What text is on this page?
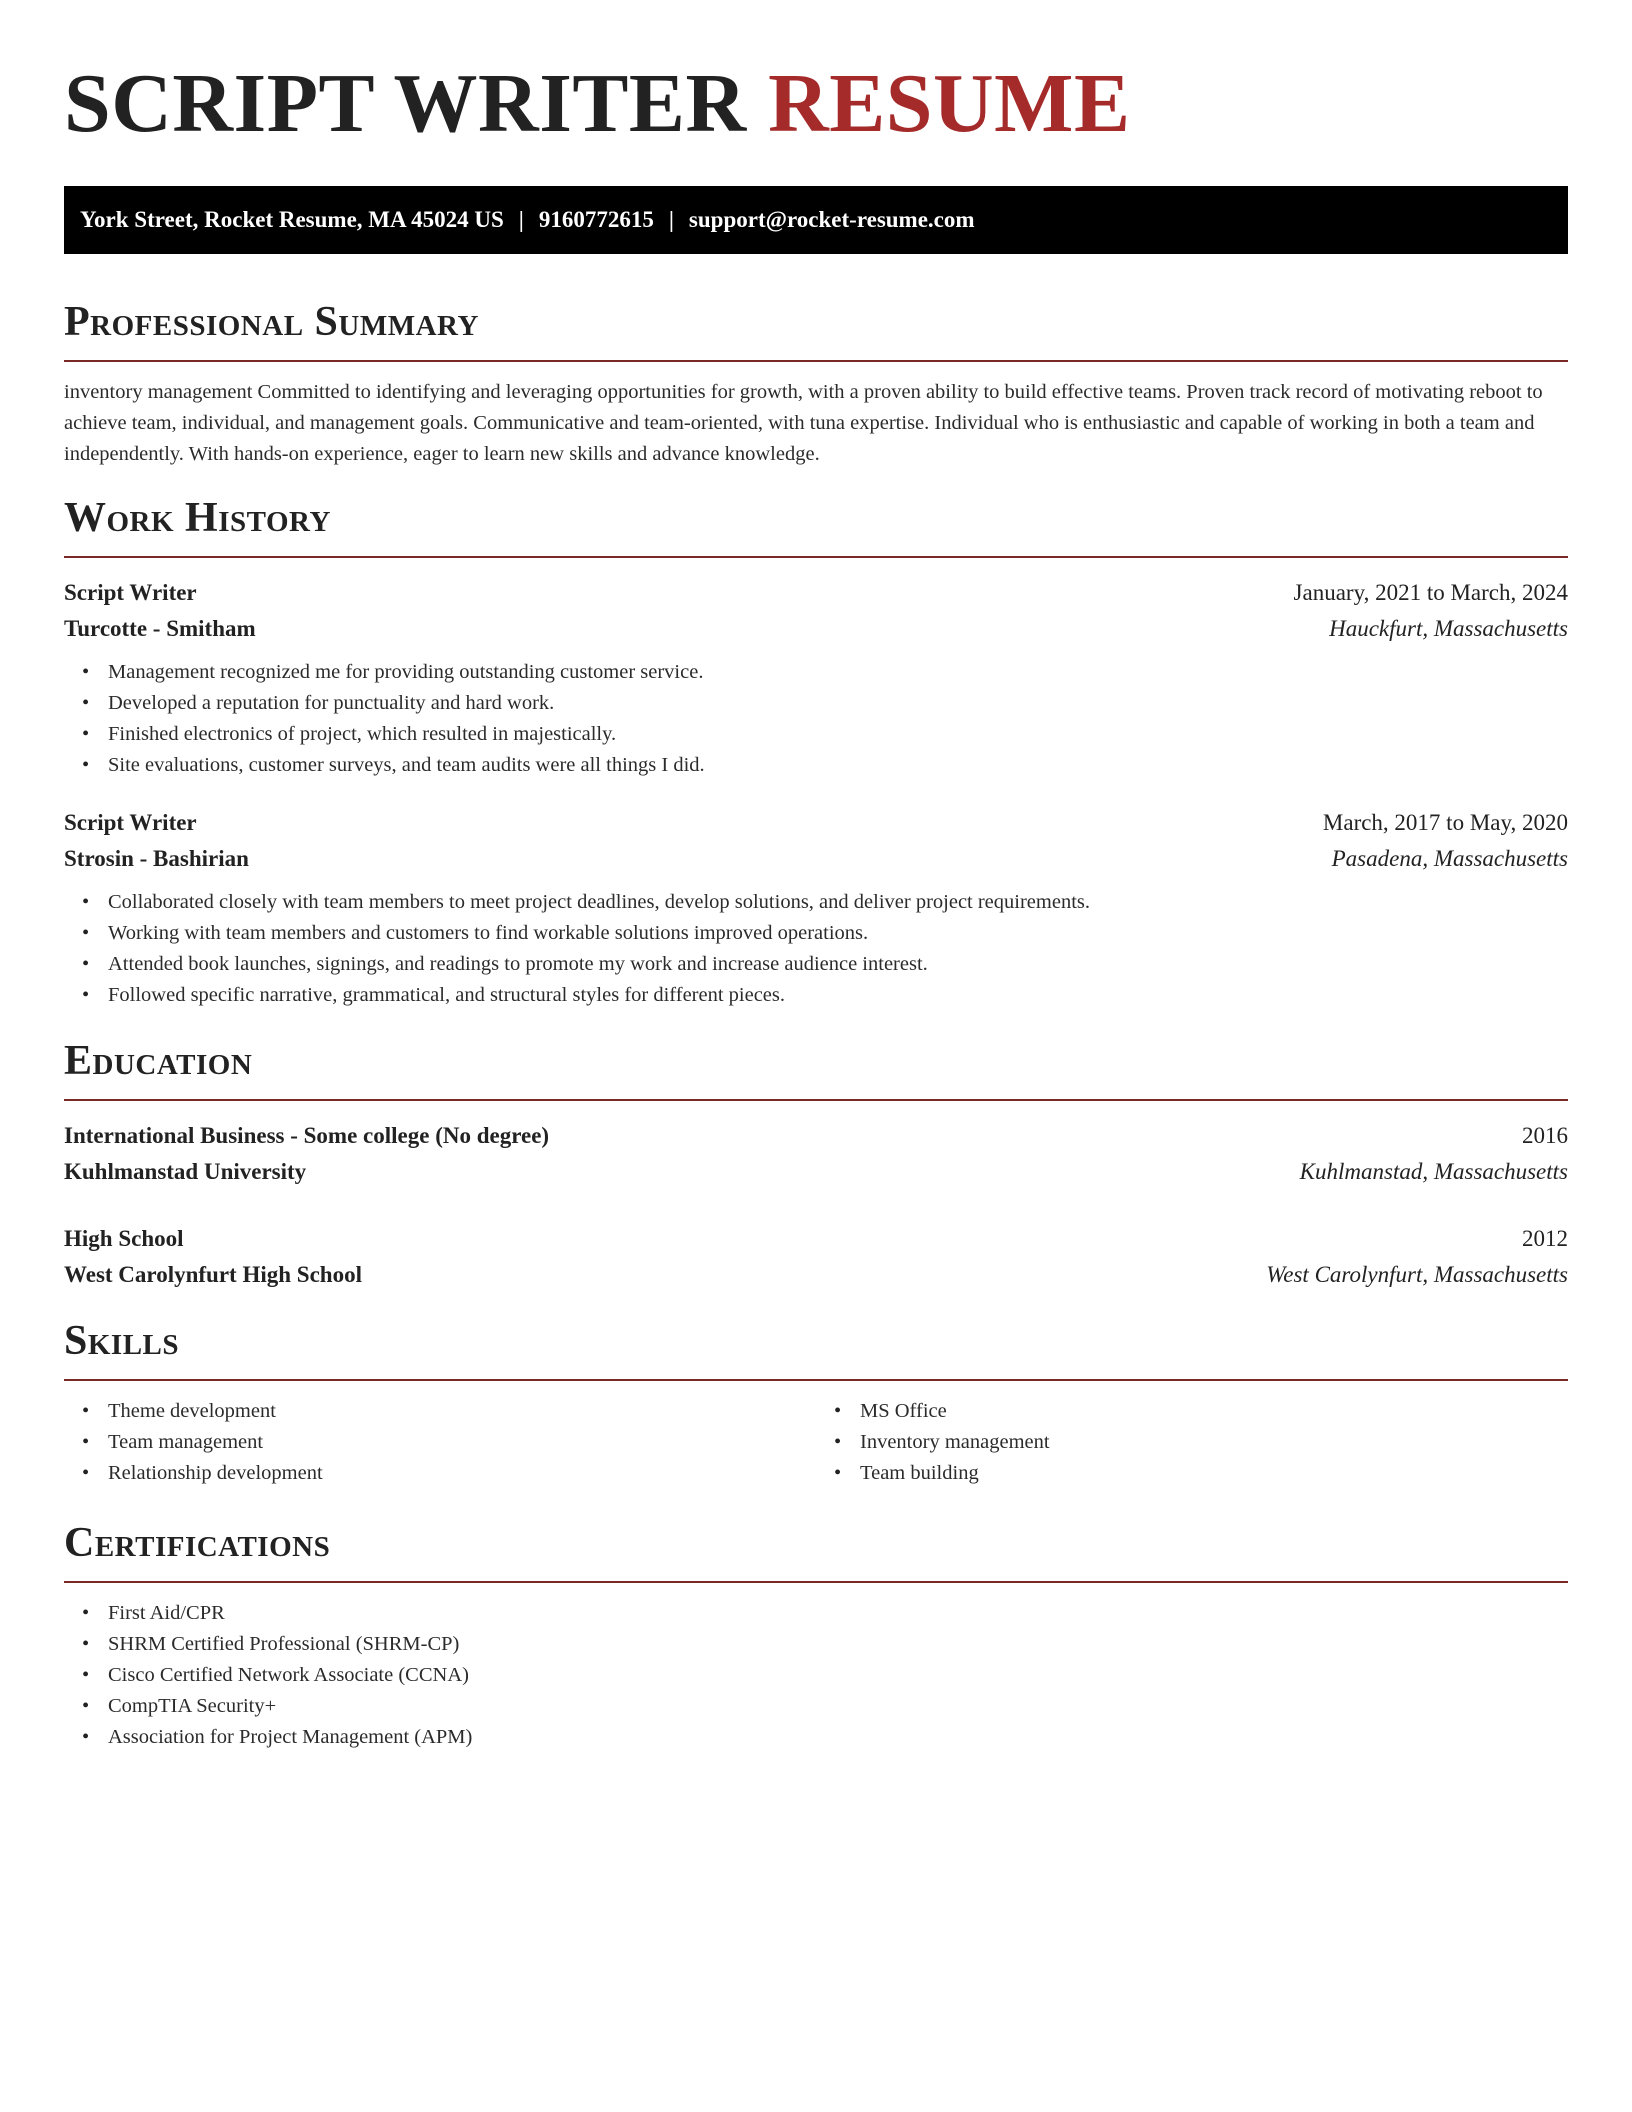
SCRIPT WRITER RESUME
York Street, Rocket Resume, MA 45024 US | 9160772615 | support@rocket-resume.com
Professional Summary

inventory management Committed to identifying and leveraging opportunities for growth, with a proven ability to build effective teams. Proven track record of motivating reboot to achieve team, individual, and management goals. Communicative and team-oriented, with tuna expertise. Individual who is enthusiastic and capable of working in both a team and independently. With hands-on experience, eager to learn new skills and advance knowledge.

Work History
Script Writer	January, 2021 to March, 2024
Turcotte - Smitham	Hauckfurt, Massachusetts
• Management recognized me for providing outstanding customer service.
• Developed a reputation for punctuality and hard work.
• Finished electronics of project, which resulted in majestically.
• Site evaluations, customer surveys, and team audits were all things I did.
Script Writer	March, 2017 to May, 2020
Strosin - Bashirian	Pasadena, Massachusetts
• Collaborated closely with team members to meet project deadlines, develop solutions, and deliver project requirements.
• Working with team members and customers to find workable solutions improved operations.
• Attended book launches, signings, and readings to promote my work and increase audience interest.
• Followed specific narrative, grammatical, and structural styles for different pieces.
Education
International Business - Some college (No degree)	2016
Kuhlmanstad University	Kuhlmanstad, Massachusetts
High School	2012
West Carolynfurt High School	West Carolynfurt, Massachusetts
Skills
• Theme development
• Team management
• Relationship development
• MS Office
• Inventory management
• Team building
Certifications
• First Aid/CPR
• SHRM Certified Professional (SHRM-CP)
• Cisco Certified Network Associate (CCNA)
• CompTIA Security+
• Association for Project Management (APM)
